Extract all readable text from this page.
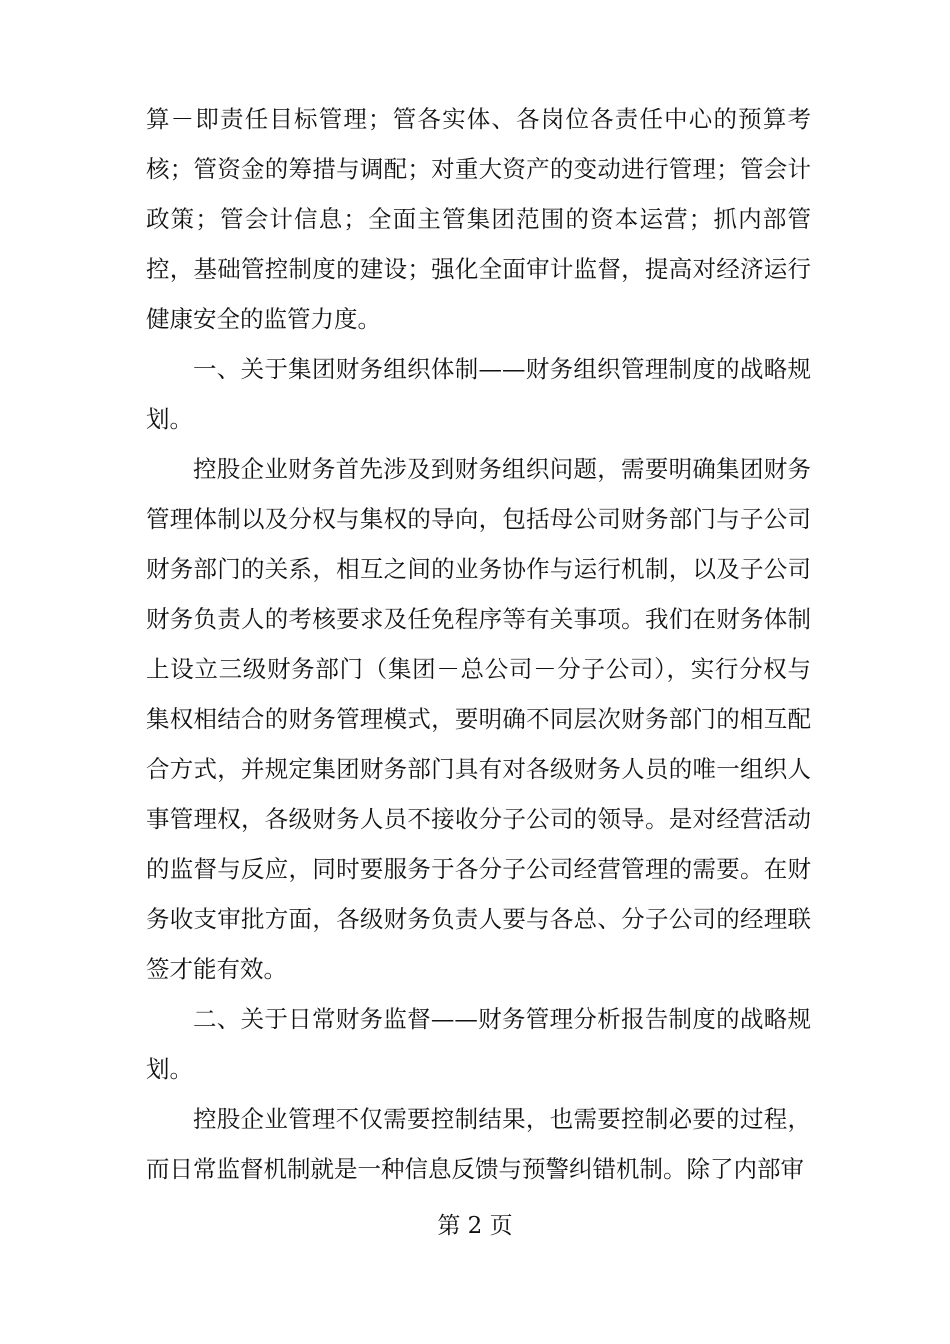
算－即责任目标管理；管各实体、各岗位各责任中心的预算考核；管资金的筹措与调配；对重大资产的变动进行管理；管会计政策；管会计信息；全面主管集团范围的资本运营；抓内部管控，基础管控制度的建设；强化全面审计监督，提高对经济运行健康安全的监管力度。

一、关于集团财务组织体制——财务组织管理制度的战略规划。

控股企业财务首先涉及到财务组织问题，需要明确集团财务管理体制以及分权与集权的导向，包括母公司财务部门与子公司财务部门的关系，相互之间的业务协作与运行机制，以及子公司财务负责人的考核要求及任免程序等有关事项。我们在财务体制上设立三级财务部门（集团－总公司－分子公司），实行分权与集权相结合的财务管理模式，要明确不同层次财务部门的相互配合方式，并规定集团财务部门具有对各级财务人员的唯一组织人事管理权，各级财务人员不接收分子公司的领导。是对经营活动的监督与反应，同时要服务于各分子公司经营管理的需要。在财务收支审批方面，各级财务负责人要与各总、分子公司的经理联签才能有效。

二、关于日常财务监督——财务管理分析报告制度的战略规划。

控股企业管理不仅需要控制结果，也需要控制必要的过程，而日常监督机制就是一种信息反馈与预警纠错机制。除了内部审

第 2 页
